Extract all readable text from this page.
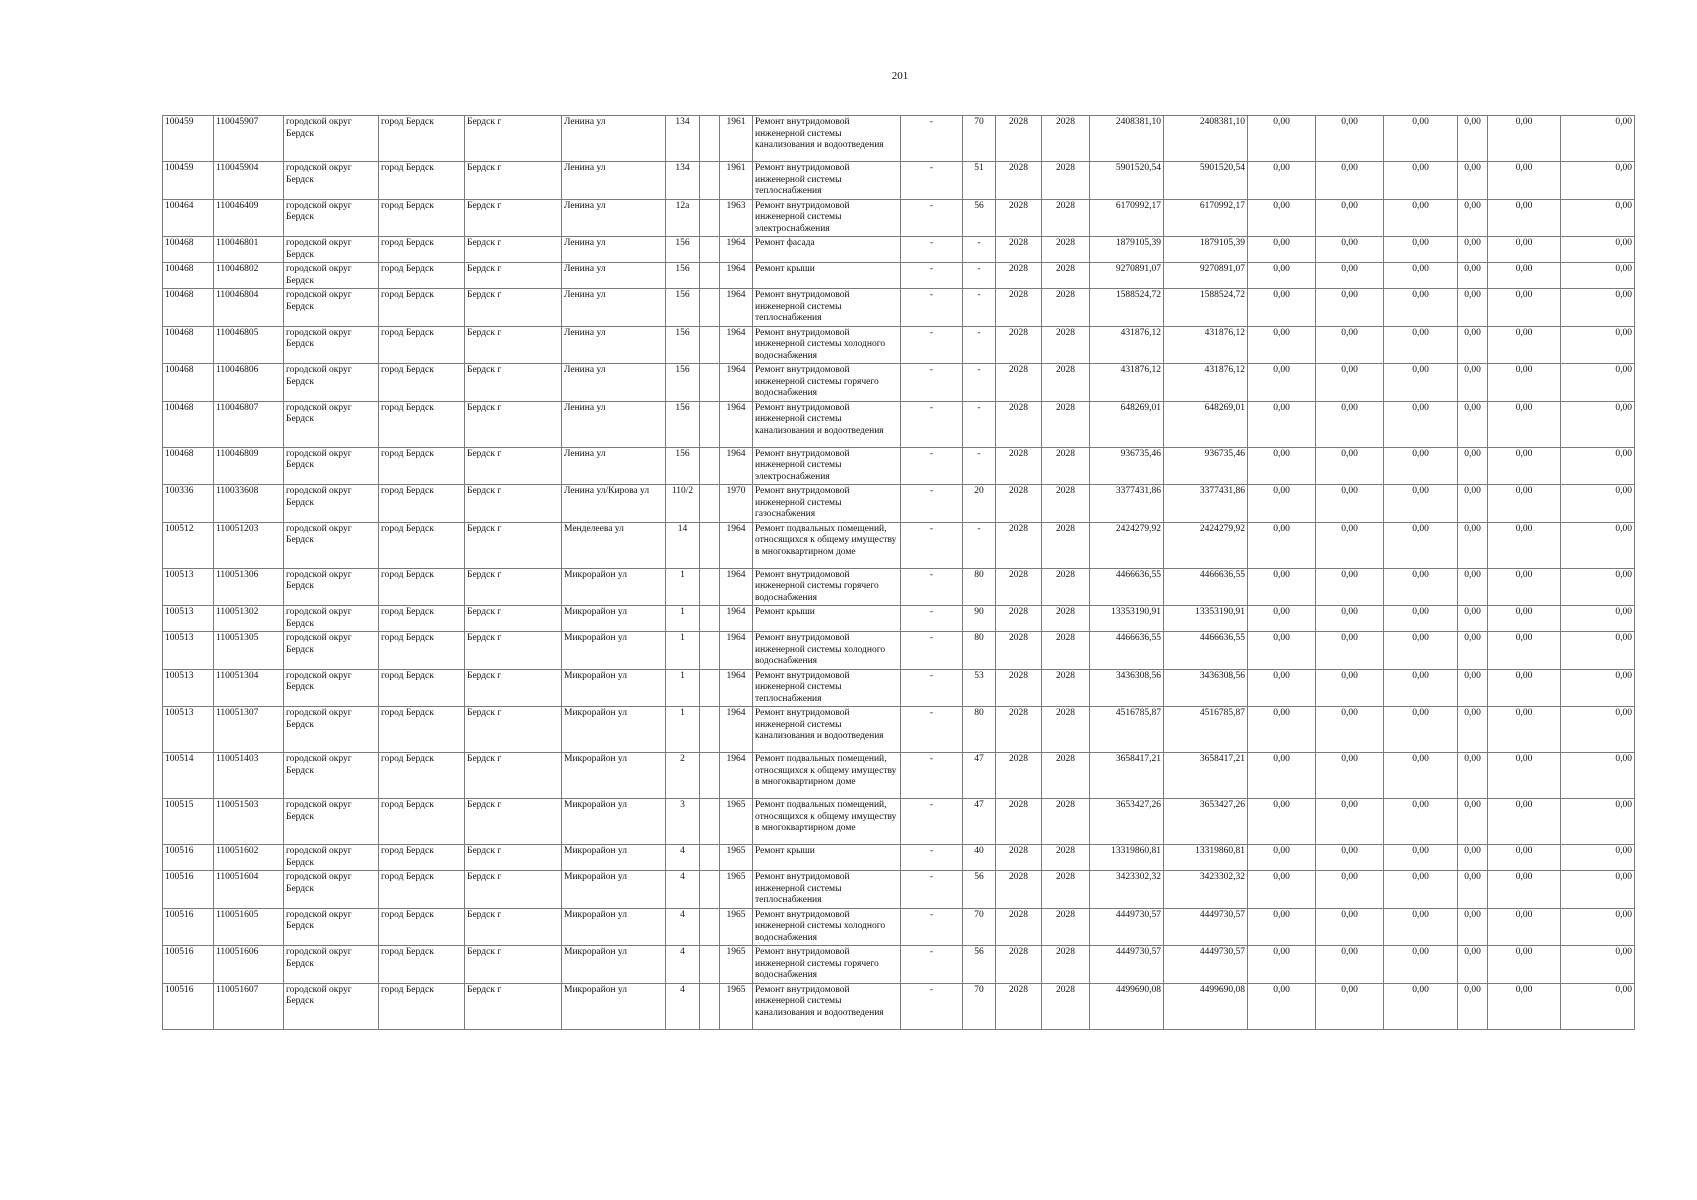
201
100459	110045907	городской округ Бердск	город Бердск	Бердск г	Ленина ул	134		1961	Ремонт внутридомовой инженерной системы канализования и водоотведения	-	70	2028	2028	2408381,10	2408381,10	0,00	0,00	0,00	0,00	0,00	0,00
100459	110045904	городской округ Бердск	город Бердск	Бердск г	Ленина ул	134		1961	Ремонт внутридомовой инженерной системы теплоснабжения	-	51	2028	2028	5901520,54	5901520,54	0,00	0,00	0,00	0,00	0,00	0,00
100464	110046409	городской округ Бердск	город Бердск	Бердск г	Ленина ул	12а		1963	Ремонт внутридомовой инженерной системы электроснабжения	-	56	2028	2028	6170992,17	6170992,17	0,00	0,00	0,00	0,00	0,00	0,00
100468	110046801	городской округ Бердск	город Бердск	Бердск г	Ленина ул	156		1964	Ремонт фасада	-	-	2028	2028	1879105,39	1879105,39	0,00	0,00	0,00	0,00	0,00	0,00
100468	110046802	городской округ Бердск	город Бердск	Бердск г	Ленина ул	156		1964	Ремонт крыши	-	-	2028	2028	9270891,07	9270891,07	0,00	0,00	0,00	0,00	0,00	0,00
100468	110046804	городской округ Бердск	город Бердск	Бердск г	Ленина ул	156		1964	Ремонт внутридомовой инженерной системы теплоснабжения	-	-	2028	2028	1588524,72	1588524,72	0,00	0,00	0,00	0,00	0,00	0,00
100468	110046805	городской округ Бердск	город Бердск	Бердск г	Ленина ул	156		1964	Ремонт внутридомовой инженерной системы холодного водоснабжения	-	-	2028	2028	431876,12	431876,12	0,00	0,00	0,00	0,00	0,00	0,00
100468	110046806	городской округ Бердск	город Бердск	Бердск г	Ленина ул	156		1964	Ремонт внутридомовой инженерной системы горячего водоснабжения	-	-	2028	2028	431876,12	431876,12	0,00	0,00	0,00	0,00	0,00	0,00
100468	110046807	городской округ Бердск	город Бердск	Бердск г	Ленина ул	156		1964	Ремонт внутридомовой инженерной системы канализования и водоотведения	-	-	2028	2028	648269,01	648269,01	0,00	0,00	0,00	0,00	0,00	0,00
100468	110046809	городской округ Бердск	город Бердск	Бердск г	Ленина ул	156		1964	Ремонт внутридомовой инженерной системы электроснабжения	-	-	2028	2028	936735,46	936735,46	0,00	0,00	0,00	0,00	0,00	0,00
100336	110033608	городской округ Бердск	город Бердск	Бердск г	Ленина ул/Кирова ул	110/2		1970	Ремонт внутридомовой инженерной системы газоснабжения	-	20	2028	2028	3377431,86	3377431,86	0,00	0,00	0,00	0,00	0,00	0,00
100512	110051203	городской округ Бердск	город Бердск	Бердск г	Менделеева ул	14		1964	Ремонт подвальных помещений, относящихся к общему имуществу в многоквартирном доме	-	-	2028	2028	2424279,92	2424279,92	0,00	0,00	0,00	0,00	0,00	0,00
100513	110051306	городской округ Бердск	город Бердск	Бердск г	Микрорайон ул	1		1964	Ремонт внутридомовой инженерной системы горячего водоснабжения	-	80	2028	2028	4466636,55	4466636,55	0,00	0,00	0,00	0,00	0,00	0,00
100513	110051302	городской округ Бердск	город Бердск	Бердск г	Микрорайон ул	1		1964	Ремонт крыши	-	90	2028	2028	13353190,91	13353190,91	0,00	0,00	0,00	0,00	0,00	0,00
100513	110051305	городской округ Бердск	город Бердск	Бердск г	Микрорайон ул	1		1964	Ремонт внутридомовой инженерной системы холодного водоснабжения	-	80	2028	2028	4466636,55	4466636,55	0,00	0,00	0,00	0,00	0,00	0,00
100513	110051304	городской округ Бердск	город Бердск	Бердск г	Микрорайон ул	1		1964	Ремонт внутридомовой инженерной системы теплоснабжения	-	53	2028	2028	3436308,56	3436308,56	0,00	0,00	0,00	0,00	0,00	0,00
100513	110051307	городской округ Бердск	город Бердск	Бердск г	Микрорайон ул	1		1964	Ремонт внутридомовой инженерной системы канализования и водоотведения	-	80	2028	2028	4516785,87	4516785,87	0,00	0,00	0,00	0,00	0,00	0,00
100514	110051403	городской округ Бердск	город Бердск	Бердск г	Микрорайон ул	2		1964	Ремонт подвальных помещений, относящихся к общему имуществу в многоквартирном доме	-	47	2028	2028	3658417,21	3658417,21	0,00	0,00	0,00	0,00	0,00	0,00
100515	110051503	городской округ Бердск	город Бердск	Бердск г	Микрорайон ул	3		1965	Ремонт подвальных помещений, относящихся к общему имуществу в многоквартирном доме	-	47	2028	2028	3653427,26	3653427,26	0,00	0,00	0,00	0,00	0,00	0,00
100516	110051602	городской округ Бердск	город Бердск	Бердск г	Микрорайон ул	4		1965	Ремонт крыши	-	40	2028	2028	13319860,81	13319860,81	0,00	0,00	0,00	0,00	0,00	0,00
100516	110051604	городской округ Бердск	город Бердск	Бердск г	Микрорайон ул	4		1965	Ремонт внутридомовой инженерной системы теплоснабжения	-	56	2028	2028	3423302,32	3423302,32	0,00	0,00	0,00	0,00	0,00	0,00
100516	110051605	городской округ Бердск	город Бердск	Бердск г	Микрорайон ул	4		1965	Ремонт внутридомовой инженерной системы холодного водоснабжения	-	70	2028	2028	4449730,57	4449730,57	0,00	0,00	0,00	0,00	0,00	0,00
100516	110051606	городской округ Бердск	город Бердск	Бердск г	Микрорайон ул	4		1965	Ремонт внутридомовой инженерной системы горячего водоснабжения	-	56	2028	2028	4449730,57	4449730,57	0,00	0,00	0,00	0,00	0,00	0,00
100516	110051607	городской округ Бердск	город Бердск	Бердск г	Микрорайон ул	4		1965	Ремонт внутридомовой инженерной системы канализования и водоотведения	-	70	2028	2028	4499690,08	4499690,08	0,00	0,00	0,00	0,00	0,00	0,00
